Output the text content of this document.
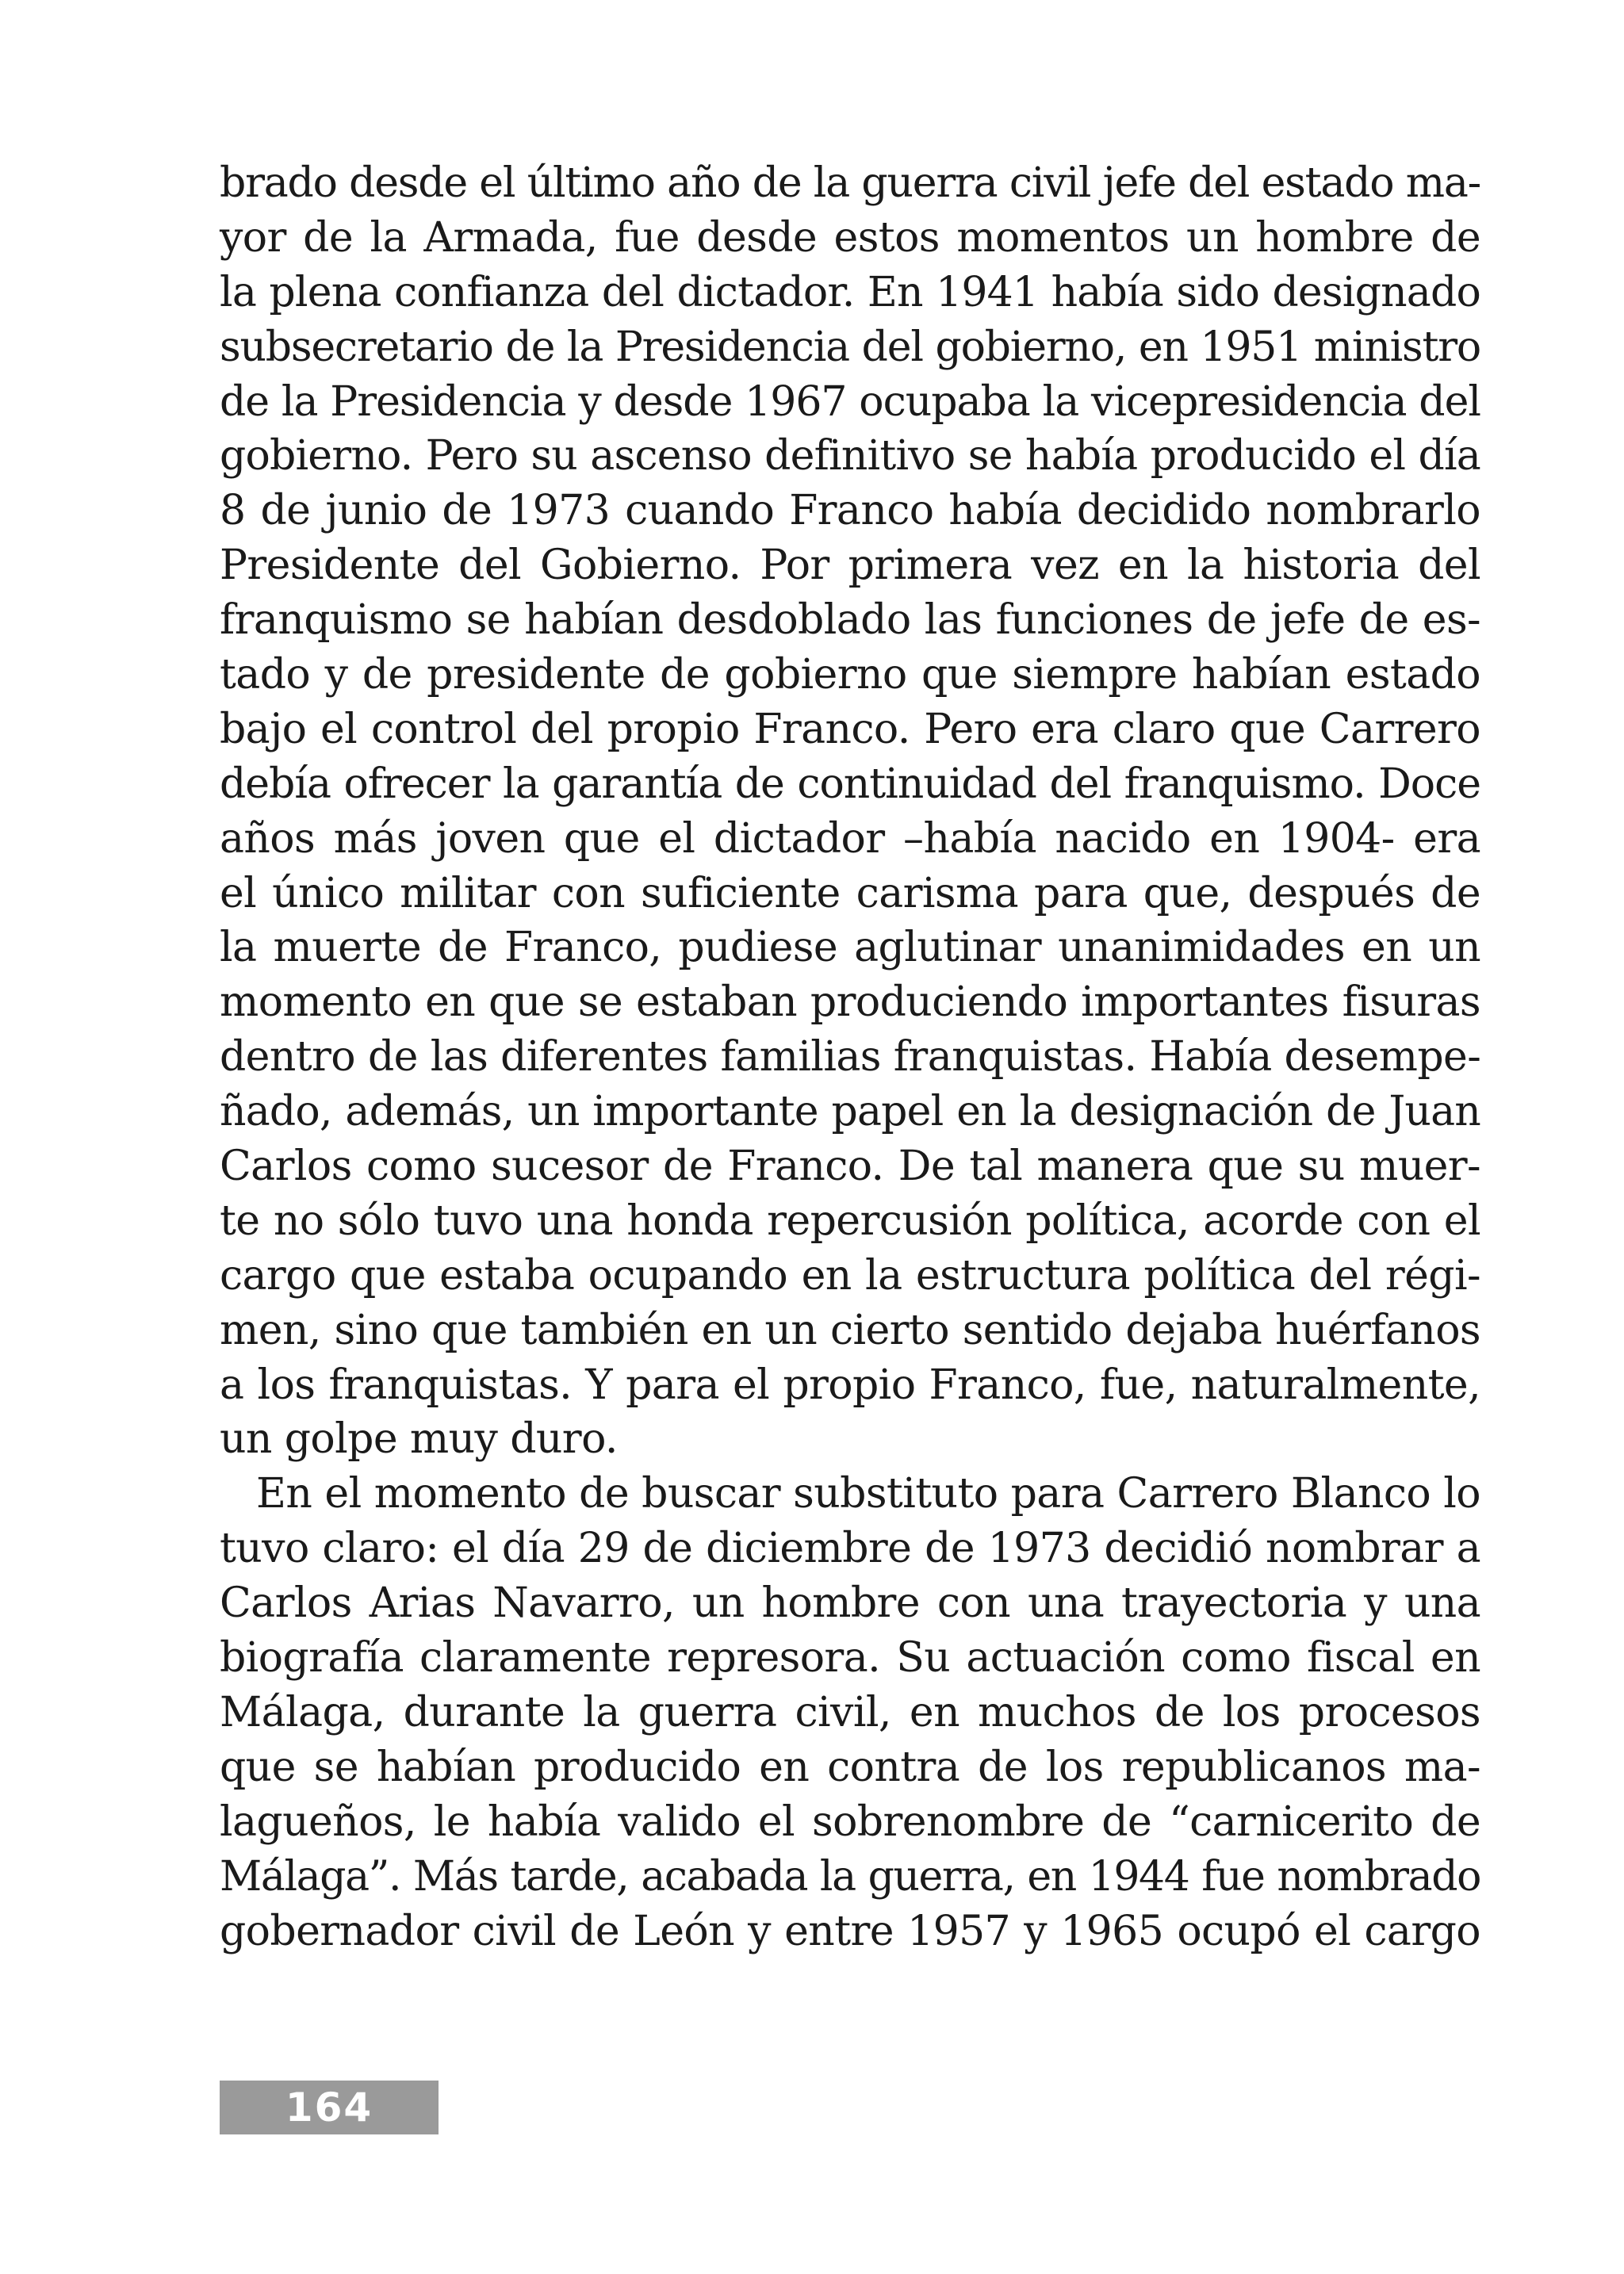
brado desde el último año de la guerra civil jefe del estado ma-
yor de la Armada, fue desde estos momentos un hombre de
la plena confianza del dictador. En 1941 había sido designado
subsecretario de la Presidencia del gobierno, en 1951 ministro
de la Presidencia y desde 1967 ocupaba la vicepresidencia del
gobierno. Pero su ascenso definitivo se había producido el día
8 de junio de 1973 cuando Franco había decidido nombrarlo
Presidente del Gobierno. Por primera vez en la historia del
franquismo se habían desdoblado las funciones de jefe de es-
tado y de presidente de gobierno que siempre habían estado
bajo el control del propio Franco. Pero era claro que Carrero
debía ofrecer la garantía de continuidad del franquismo. Doce
años más joven que el dictador –había nacido en 1904- era
el único militar con suficiente carisma para que, después de
la muerte de Franco, pudiese aglutinar unanimidades en un
momento en que se estaban produciendo importantes fisuras
dentro de las diferentes familias franquistas. Había desempe-
ñado, además, un importante papel en la designación de Juan
Carlos como sucesor de Franco. De tal manera que su muer-
te no sólo tuvo una honda repercusión política, acorde con el
cargo que estaba ocupando en la estructura política del régi-
men, sino que también en un cierto sentido dejaba huérfanos
a los franquistas. Y para el propio Franco, fue, naturalmente,
un golpe muy duro.

En el momento de buscar substituto para Carrero Blanco lo
tuvo claro: el día 29 de diciembre de 1973 decidió nombrar a
Carlos Arias Navarro, un hombre con una trayectoria y una
biografía claramente represora. Su actuación como fiscal en
Málaga, durante la guerra civil, en muchos de los procesos
que se habían producido en contra de los republicanos ma-
lagueños, le había valido el sobrenombre de “carnicerito de
Málaga”. Más tarde, acabada la guerra, en 1944 fue nombrado
gobernador civil de León y entre 1957 y 1965 ocupó el cargo

164
